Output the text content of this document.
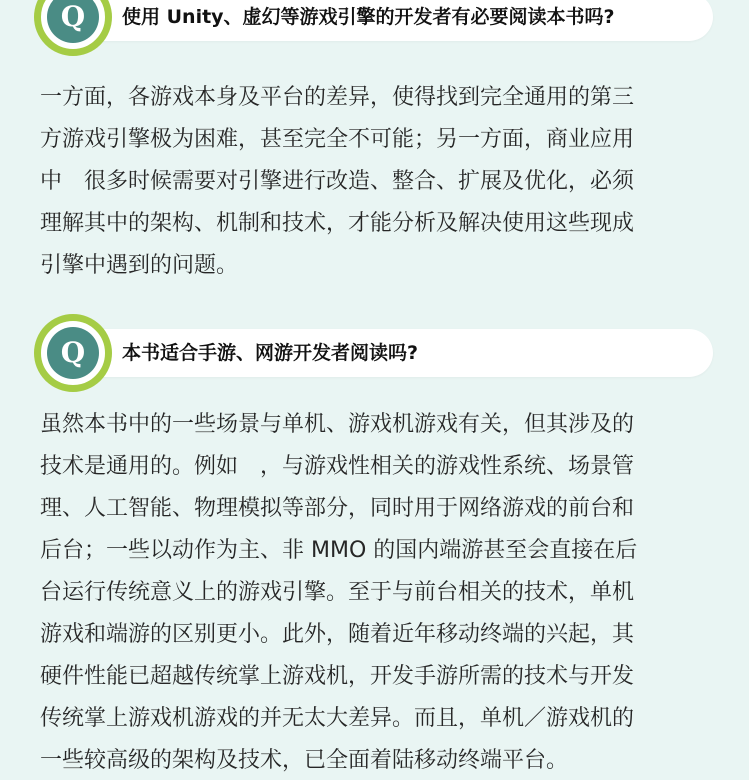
Q 使用 Unity、虚幻等游戏引擎的开发者有必要阅读本书吗?
一方面，各游戏本身及平台的差异，使得找到完全通用的第三
方游戏引擎极为困难，甚至完全不可能；另一方面，商业应用
中　很多时候需要对引擎进行改造、整合、扩展及优化，必须
理解其中的架构、机制和技术，才能分析及解决使用这些现成
引擎中遇到的问题。
Q 本书适合手游、网游开发者阅读吗?
虽然本书中的一些场景与单机、游戏机游戏有关，但其涉及的
技术是通用的。例如　，与游戏性相关的游戏性系统、场景管
理、人工智能、物理模拟等部分，同时用于网络游戏的前台和
后台；一些以动作为主、非 MMO 的国内端游甚至会直接在后
台运行传统意义上的游戏引擎。至于与前台相关的技术，单机
游戏和端游的区别更小。此外，随着近年移动终端的兴起，其
硬件性能已超越传统掌上游戏机，开发手游所需的技术与开发
传统掌上游戏机游戏的并无太大差异。而且，单机／游戏机的
一些较高级的架构及技术，已全面着陆移动终端平台。
